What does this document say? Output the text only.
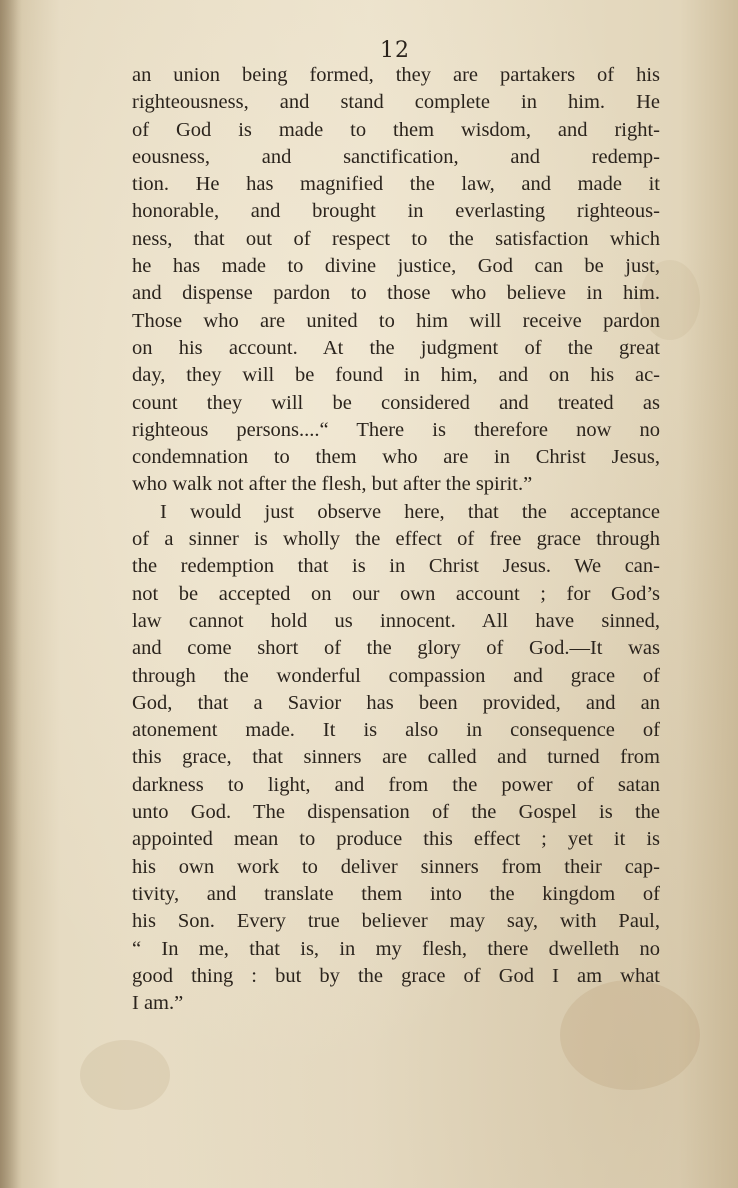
12
an union being formed, they are partakers of his
righteousness, and stand complete in him. He
of God is made to them wisdom, and right-
eousness, and sanctification, and redemp-
tion. He has magnified the law, and made it
honorable, and brought in everlasting righteous-
ness, that out of respect to the satisfaction which
he has made to divine justice, God can be just,
and dispense pardon to those who believe in him.
Those who are united to him will receive pardon
on his account. At the judgment of the great
day, they will be found in him, and on his ac-
count they will be considered and treated as
righteous persons....“ There is therefore now no
condemnation to them who are in Christ Jesus,
who walk not after the flesh, but after the spirit.”
I would just observe here, that the acceptance
of a sinner is wholly the effect of free grace through
the redemption that is in Christ Jesus. We can-
not be accepted on our own account ; for God’s
law cannot hold us innocent. All have sinned,
and come short of the glory of God.—It was
through the wonderful compassion and grace of
God, that a Savior has been provided, and an
atonement made. It is also in consequence of
this grace, that sinners are called and turned from
darkness to light, and from the power of satan
unto God. The dispensation of the Gospel is the
appointed mean to produce this effect ; yet it is
his own work to deliver sinners from their cap-
tivity, and translate them into the kingdom of
his Son. Every true believer may say, with Paul,
“ In me, that is, in my flesh, there dwelleth no
good thing : but by the grace of God I am what
I am.”
